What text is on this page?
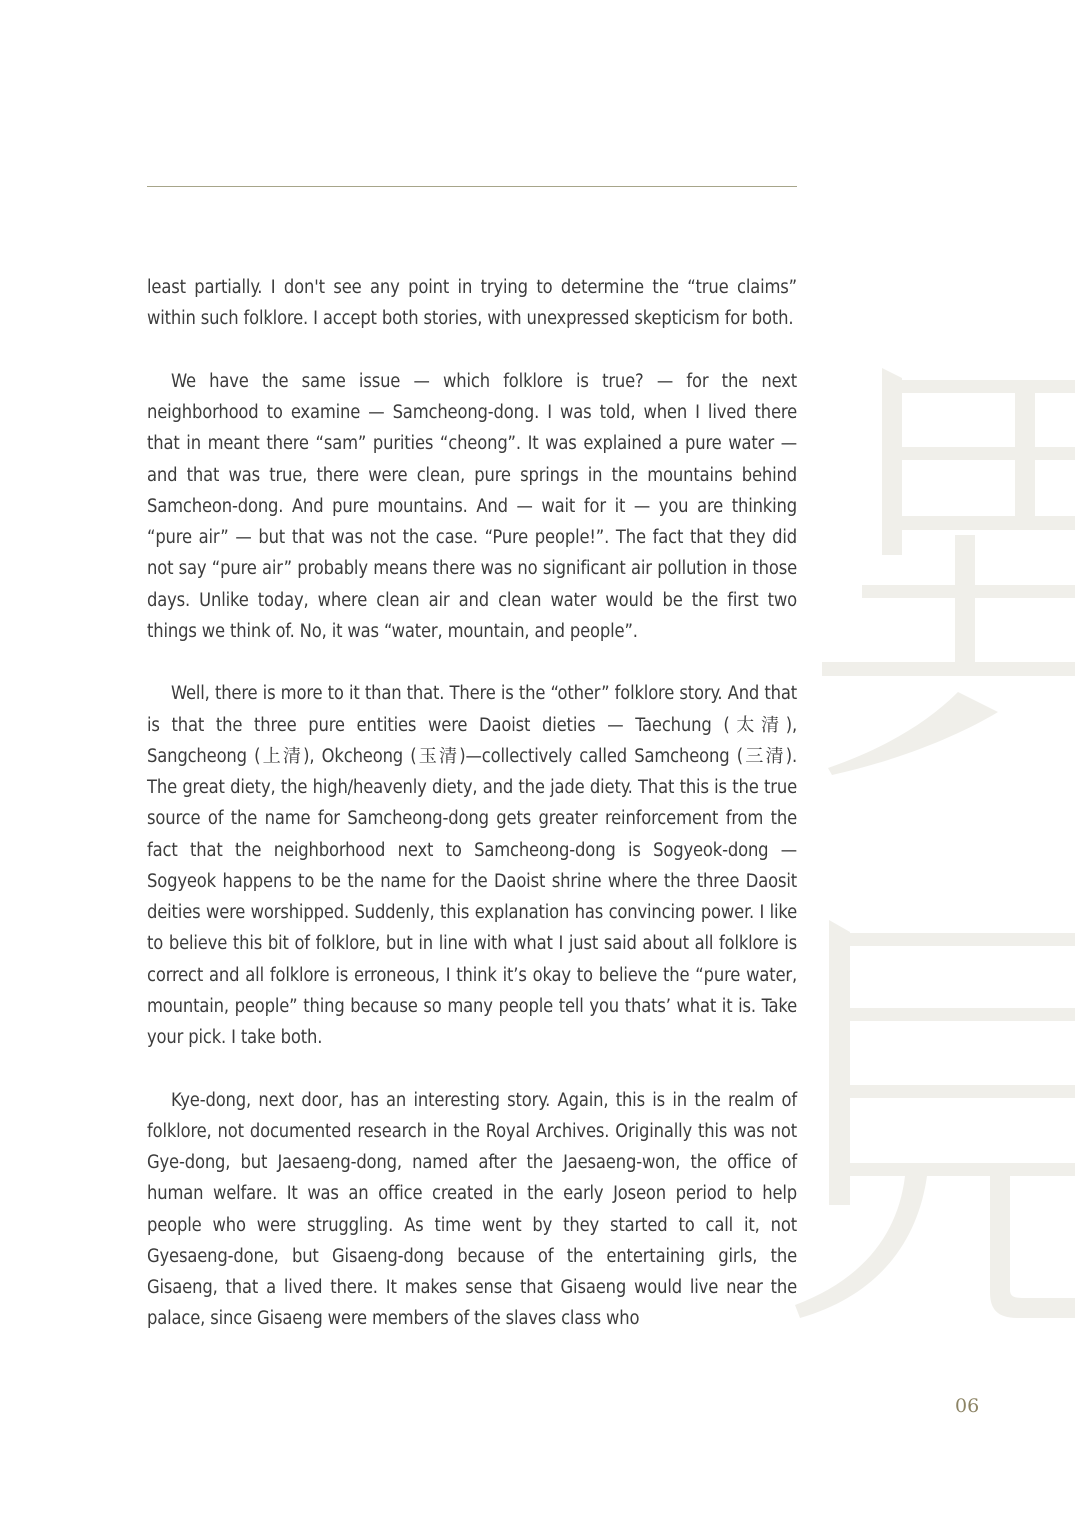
least partially. I don't see any point in trying to determine the “true claims” within such folklore. I accept both stories, with unexpressed skepticism for both.

We have the same issue — which folklore is true? — for the next neighborhood to examine — Samcheong-dong. I was told, when I lived there that in meant there “sam” purities “cheong”. It was explained a pure water — and that was true, there were clean, pure springs in the mountains behind Samcheon-dong. And pure mountains. And — wait for it — you are thinking “pure air” — but that was not the case. “Pure people!”. The fact that they did not say “pure air” probably means there was no significant air pollution in those days. Unlike today, where clean air and clean water would be the first two things we think of. No, it was “water, mountain, and people”.

Well, there is more to it than that. There is the “other” folklore story. And that is that the three pure entities were Daoist dieties — Taechung (太清), Sangcheong (上清), Okcheong (玉清)—collectively called Samcheong (三清). The great diety, the high/heavenly diety, and the jade diety. That this is the true source of the name for Samcheong-dong gets greater reinforcement from the fact that the neighborhood next to Samcheong-dong is Sogyeok-dong — Sogyeok happens to be the name for the Daoist shrine where the three Daosit deities were worshipped. Suddenly, this explanation has convincing power. I like to believe this bit of folklore, but in line with what I just said about all folklore is correct and all folklore is erroneous, I think it’s okay to believe the “pure water, mountain, people” thing because so many people tell you thats’ what it is. Take your pick. I take both.

Kye-dong, next door, has an interesting story. Again, this is in the realm of folklore, not documented research in the Royal Archives. Originally this was not Gye-dong, but Jaesaeng-dong, named after the Jaesaeng-won, the office of human welfare. It was an office created in the early Joseon period to help people who were struggling. As time went by they started to call it, not Gyesaeng-done, but Gisaeng-dong because of the entertaining girls, the Gisaeng, that a lived there. It makes sense that Gisaeng would live near the palace, since Gisaeng were members of the slaves class who

06
